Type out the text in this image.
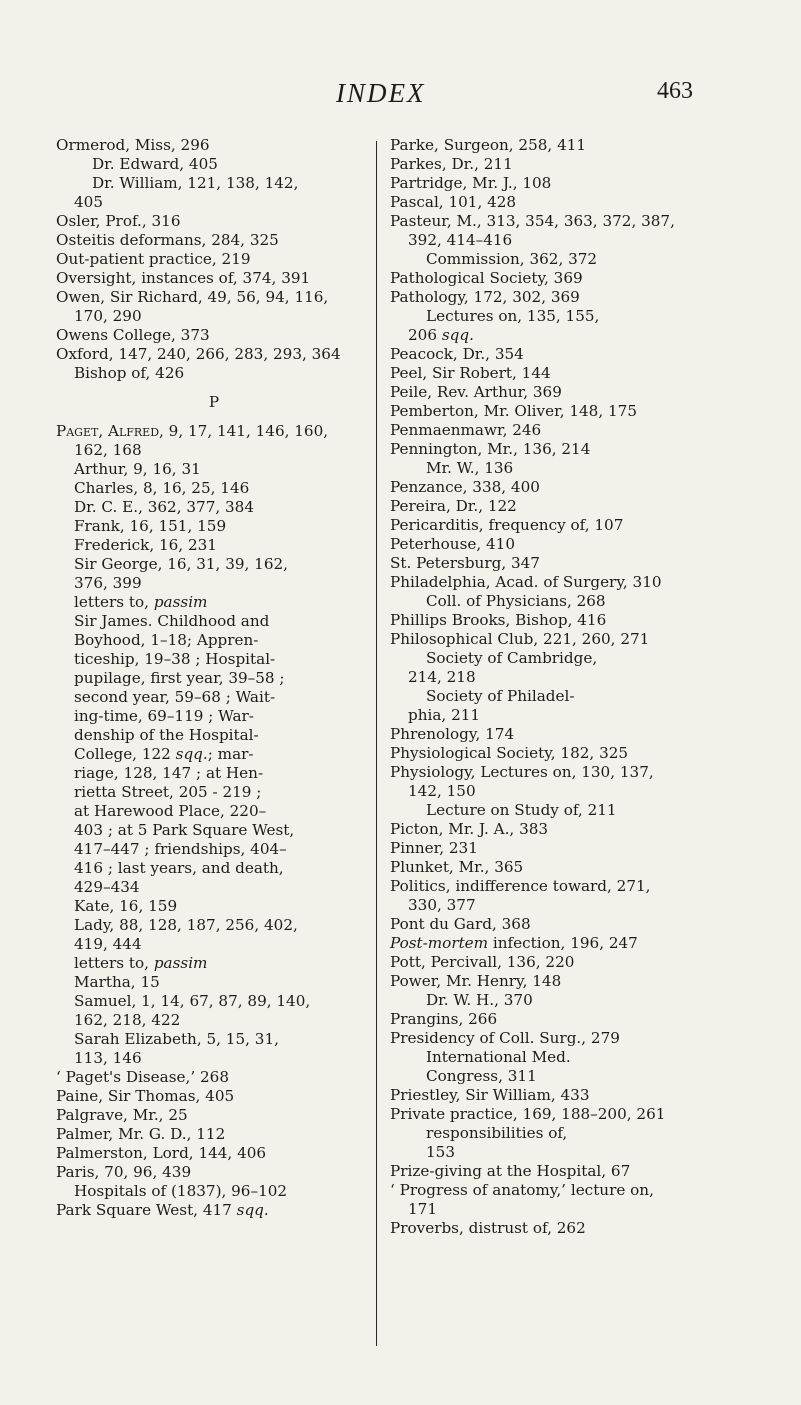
INDEX	463
Ormerod, Miss, 296
Dr. Edward, 405
Dr. William, 121, 138, 142,
405
Osler, Prof., 316
Osteitis deformans, 284, 325
Out-patient practice, 219
Oversight, instances of, 374, 391
Owen, Sir Richard, 49, 56, 94, 116,
170, 290
Owens College, 373
Oxford, 147, 240, 266, 283, 293, 364
Bishop of, 426
P
Paget, Alfred, 9, 17, 141, 146, 160,
162, 168
Arthur, 9, 16, 31
Charles, 8, 16, 25, 146
Dr. C. E., 362, 377, 384
Frank, 16, 151, 159
Frederick, 16, 231
Sir George, 16, 31, 39, 162,
376, 399
letters to, passim
Sir James. Childhood and
Boyhood, 1–18; Appren-
ticeship, 19–38 ; Hospital-
pupilage, first year, 39–58 ;
second year, 59–68 ; Wait-
ing-time, 69–119 ; War-
denship of the Hospital-
College, 122 sqq.; mar-
riage, 128, 147 ; at Hen-
rietta Street, 205 - 219 ;
at Harewood Place, 220–
403 ; at 5 Park Square West,
417–447 ; friendships, 404–
416 ; last years, and death,
429–434
Kate, 16, 159
Lady, 88, 128, 187, 256, 402,
419, 444
letters to, passim
Martha, 15
Samuel, 1, 14, 67, 87, 89, 140,
162, 218, 422
Sarah Elizabeth, 5, 15, 31,
113, 146
‘ Paget's Disease,’ 268
Paine, Sir Thomas, 405
Palgrave, Mr., 25
Palmer, Mr. G. D., 112
Palmerston, Lord, 144, 406
Paris, 70, 96, 439
Hospitals of (1837), 96–102
Park Square West, 417 sqq.
Parke, Surgeon, 258, 411
Parkes, Dr., 211
Partridge, Mr. J., 108
Pascal, 101, 428
Pasteur, M., 313, 354, 363, 372, 387,
392, 414–416
Commission, 362, 372
Pathological Society, 369
Pathology, 172, 302, 369
Lectures on, 135, 155,
206 sqq.
Peacock, Dr., 354
Peel, Sir Robert, 144
Peile, Rev. Arthur, 369
Pemberton, Mr. Oliver, 148, 175
Penmaenmawr, 246
Pennington, Mr., 136, 214
Mr. W., 136
Penzance, 338, 400
Pereira, Dr., 122
Pericarditis, frequency of, 107
Peterhouse, 410
St. Petersburg, 347
Philadelphia, Acad. of Surgery, 310
Coll. of Physicians, 268
Phillips Brooks, Bishop, 416
Philosophical Club, 221, 260, 271
Society of Cambridge,
214, 218
Society of Philadel-
phia, 211
Phrenology, 174
Physiological Society, 182, 325
Physiology, Lectures on, 130, 137,
142, 150
Lecture on Study of, 211
Picton, Mr. J. A., 383
Pinner, 231
Plunket, Mr., 365
Politics, indifference toward, 271,
330, 377
Pont du Gard, 368
Post-mortem infection, 196, 247
Pott, Percivall, 136, 220
Power, Mr. Henry, 148
Dr. W. H., 370
Prangins, 266
Presidency of Coll. Surg., 279
International Med.
Congress, 311
Priestley, Sir William, 433
Private practice, 169, 188–200, 261
responsibilities of,
153
Prize-giving at the Hospital, 67
‘ Progress of anatomy,’ lecture on,
171
Proverbs, distrust of, 262
